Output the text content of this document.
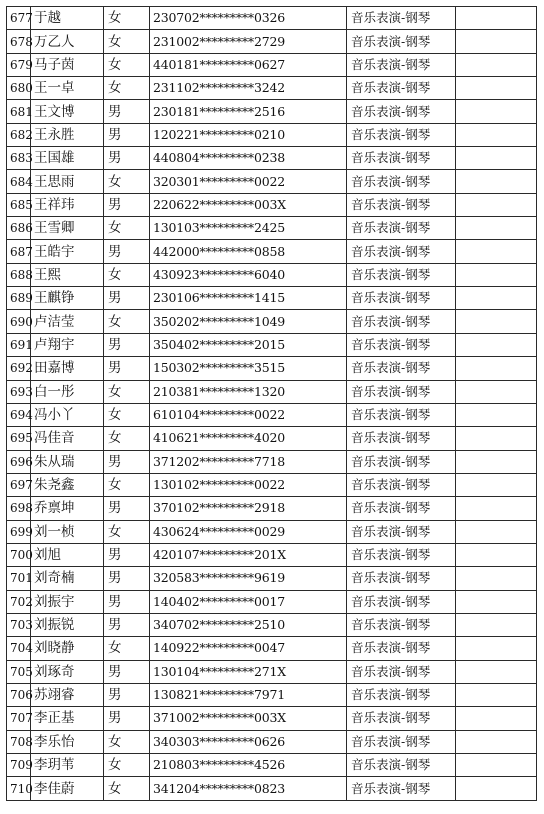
677	于越	女	230702*********0326	音乐表演-钢琴	
678	万乙人	女	231002*********2729	音乐表演-钢琴	
679	马子茵	女	440181*********0627	音乐表演-钢琴	
680	王一卓	女	231102*********3242	音乐表演-钢琴	
681	王文博	男	230181*********2516	音乐表演-钢琴	
682	王永胜	男	120221*********0210	音乐表演-钢琴	
683	王国雄	男	440804*********0238	音乐表演-钢琴	
684	王思雨	女	320301*********0022	音乐表演-钢琴	
685	王祥玮	男	220622*********003X	音乐表演-钢琴	
686	王雪卿	女	130103*********2425	音乐表演-钢琴	
687	王皓宇	男	442000*********0858	音乐表演-钢琴	
688	王熙	女	430923*********6040	音乐表演-钢琴	
689	王麒铮	男	230106*********1415	音乐表演-钢琴	
690	卢洁莹	女	350202*********1049	音乐表演-钢琴	
691	卢翔宇	男	350402*********2015	音乐表演-钢琴	
692	田嘉博	男	150302*********3515	音乐表演-钢琴	
693	白一彤	女	210381*********1320	音乐表演-钢琴	
694	冯小丫	女	610104*********0022	音乐表演-钢琴	
695	冯佳音	女	410621*********4020	音乐表演-钢琴	
696	朱从瑞	男	371202*********7718	音乐表演-钢琴	
697	朱尧鑫	女	130102*********0022	音乐表演-钢琴	
698	乔禀坤	男	370102*********2918	音乐表演-钢琴	
699	刘一桢	女	430624*********0029	音乐表演-钢琴	
700	刘旭	男	420107*********201X	音乐表演-钢琴	
701	刘奇楠	男	320583*********9619	音乐表演-钢琴	
702	刘振宇	男	140402*********0017	音乐表演-钢琴	
703	刘振锐	男	340702*********2510	音乐表演-钢琴	
704	刘晓静	女	140922*********0047	音乐表演-钢琴	
705	刘琢奇	男	130104*********271X	音乐表演-钢琴	
706	苏翊睿	男	130821*********7971	音乐表演-钢琴	
707	李正基	男	371002*********003X	音乐表演-钢琴	
708	李乐怡	女	340303*********0626	音乐表演-钢琴	
709	李玥苇	女	210803*********4526	音乐表演-钢琴	
710	李佳蔚	女	341204*********0823	音乐表演-钢琴	
